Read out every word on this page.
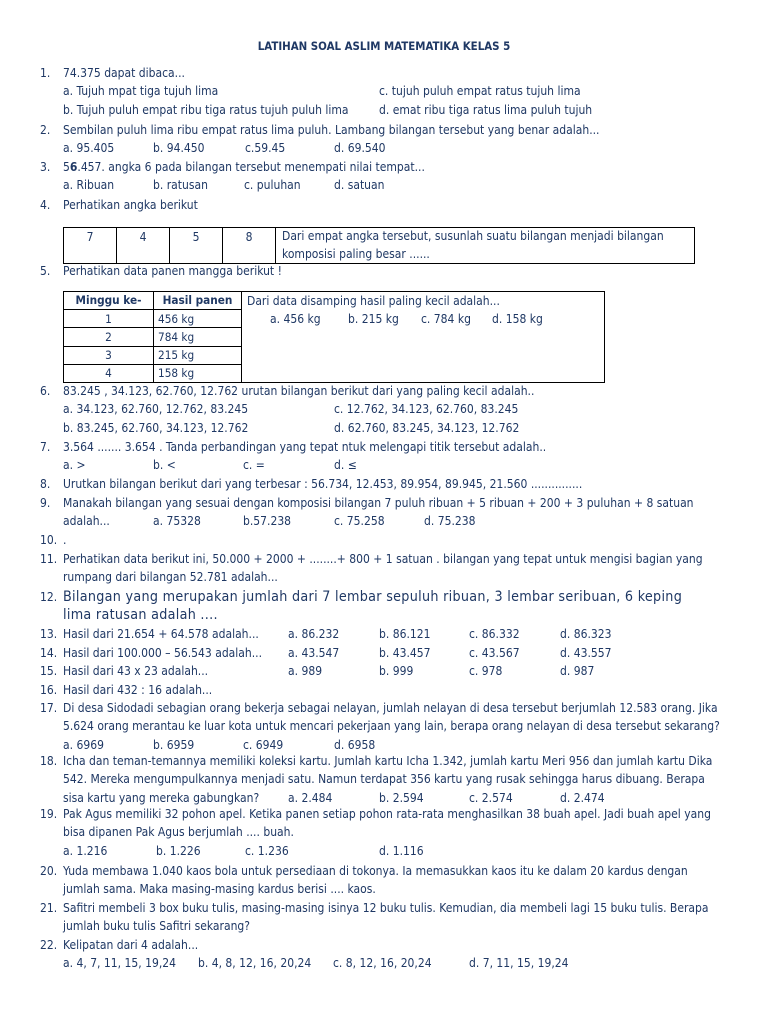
LATIHAN SOAL ASLIM MATEMATIKA KELAS 5
1. 74.375 dapat dibaca...
a. Tujuh mpat tiga tujuh lima	c. tujuh puluh empat ratus tujuh lima
b. Tujuh puluh empat ribu tiga ratus tujuh puluh lima	d. emat ribu tiga ratus lima puluh tujuh
2. Sembilan puluh lima ribu empat ratus lima puluh. Lambang bilangan tersebut yang benar adalah...
a. 95.405	b. 94.450	c.59.45	d. 69.540
3. 56.457. angka 6 pada bilangan tersebut menempati nilai tempat...
a. Ribuan	b. ratusan	c. puluhan	d. satuan
4. Perhatikan angka berikut
7	4	5	8	Dari empat angka tersebut, susunlah suatu bilangan menjadi bilangan komposisi paling besar ......
5. Perhatikan data panen mangga berikut !
Dari data disamping hasil paling kecil adalah...
a. 456 kg b. 215 kg c. 784 kg d. 158 kg
Minggu ke-	Hasil panen
1	456 kg
2	784 kg
3	215 kg
4	158 kg
6. 83.245 , 34.123, 62.760, 12.762 urutan bilangan berikut dari yang paling kecil adalah..
a. 34.123, 62.760, 12.762, 83.245	c. 12.762, 34.123, 62.760, 83.245
b. 83.245, 62.760, 34.123, 12.762	d. 62.760, 83.245, 34.123, 12.762
7. 3.564 ....... 3.654 . Tanda perbandingan yang tepat ntuk melengapi titik tersebut adalah..
a. >	b. <	c. =	d. ≤
8. Urutkan bilangan berikut dari yang terbesar : 56.734, 12.453, 89.954, 89.945, 21.560 ...............
9. Manakah bilangan yang sesuai dengan komposisi bilangan 7 puluh ribuan + 5 ribuan + 200 + 3 puluhan + 8 satuan
adalah...	a. 75328	b.57.238	c. 75.258	d. 75.238
10. .
11. Perhatikan data berikut ini, 50.000 + 2000 + ........+ 800 + 1 satuan . bilangan yang tepat untuk mengisi bagian yang
rumpang dari bilangan 52.781 adalah...
12. Bilangan yang merupakan jumlah dari 7 lembar sepuluh ribuan, 3 lembar seribuan, 6 keping
lima ratusan adalah ....
13. Hasil dari 21.654 + 64.578 adalah... a. 86.232	b. 86.121	c. 86.332	d. 86.323
14. Hasil dari 100.000 – 56.543 adalah... a. 43.547	b. 43.457	c. 43.567	d. 43.557
15. Hasil dari 43 x 23 adalah...	a. 989	b. 999	c. 978	d. 987
16. Hasil dari 432 : 16 adalah...
17. Di desa Sidodadi sebagian orang bekerja sebagai nelayan, jumlah nelayan di desa tersebut berjumlah 12.583 orang. Jika
5.624 orang merantau ke luar kota untuk mencari pekerjaan yang lain, berapa orang nelayan di desa tersebut sekarang?
a. 6969	b. 6959	c. 6949	d. 6958
18. Icha dan teman-temannya memiliki koleksi kartu. Jumlah kartu Icha 1.342, jumlah kartu Meri 956 dan jumlah kartu Dika
542. Mereka mengumpulkannya menjadi satu. Namun terdapat 356 kartu yang rusak sehingga harus dibuang. Berapa
sisa kartu yang mereka gabungkan? a. 2.484	b. 2.594	c. 2.574	d. 2.474
19. Pak Agus memiliki 32 pohon apel. Ketika panen setiap pohon rata-rata menghasilkan 38 buah apel. Jadi buah apel yang
bisa dipanen Pak Agus berjumlah .... buah.
a. 1.216	b. 1.226	c. 1.236	d. 1.116
20. Yuda membawa 1.040 kaos bola untuk persediaan di tokonya. Ia memasukkan kaos itu ke dalam 20 kardus dengan
jumlah sama. Maka masing-masing kardus berisi .... kaos.
21. Safitri membeli 3 box buku tulis, masing-masing isinya 12 buku tulis. Kemudian, dia membeli lagi 15 buku tulis. Berapa
jumlah buku tulis Safitri sekarang?
22. Kelipatan dari 4 adalah...
a. 4, 7, 11, 15, 19,24 b. 4, 8, 12, 16, 20,24 c. 8, 12, 16, 20,24	d. 7, 11, 15, 19,24
